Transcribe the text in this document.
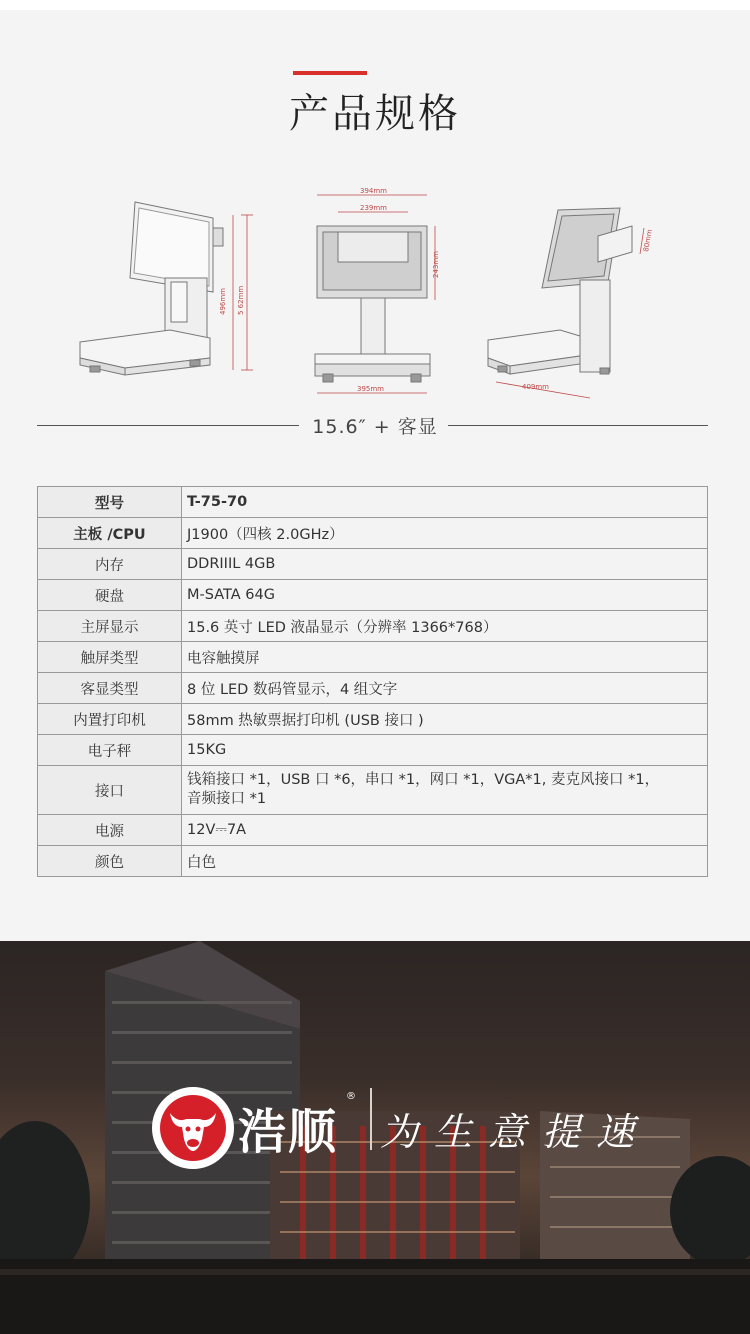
产品规格
496mm 5 62mm
394mm
239mm
243mm
395mm	409mm
80mm
15.6″ + 客显
型号	T-75-70
主板 /CPU	J1900（四核 2.0GHz）
内存	DDRIIIL 4GB
硬盘	M-SATA 64G
主屏显示	15.6 英寸 LED 液晶显示（分辨率 1366*768）
触屏类型	电容触摸屏
客显类型	8 位 LED 数码管显示，4 组文字
内置打印机	58mm 热敏票据打印机 (USB 接口 )
电子秤	15KG
接口	钱箱接口 *1，USB 口 *6，串口 *1，网口 *1，VGA*1, 麦克风接口 *1，
音频接口 *1

电源	12V⎓7A
颜色	白色
浩顺
®
为生意提速
